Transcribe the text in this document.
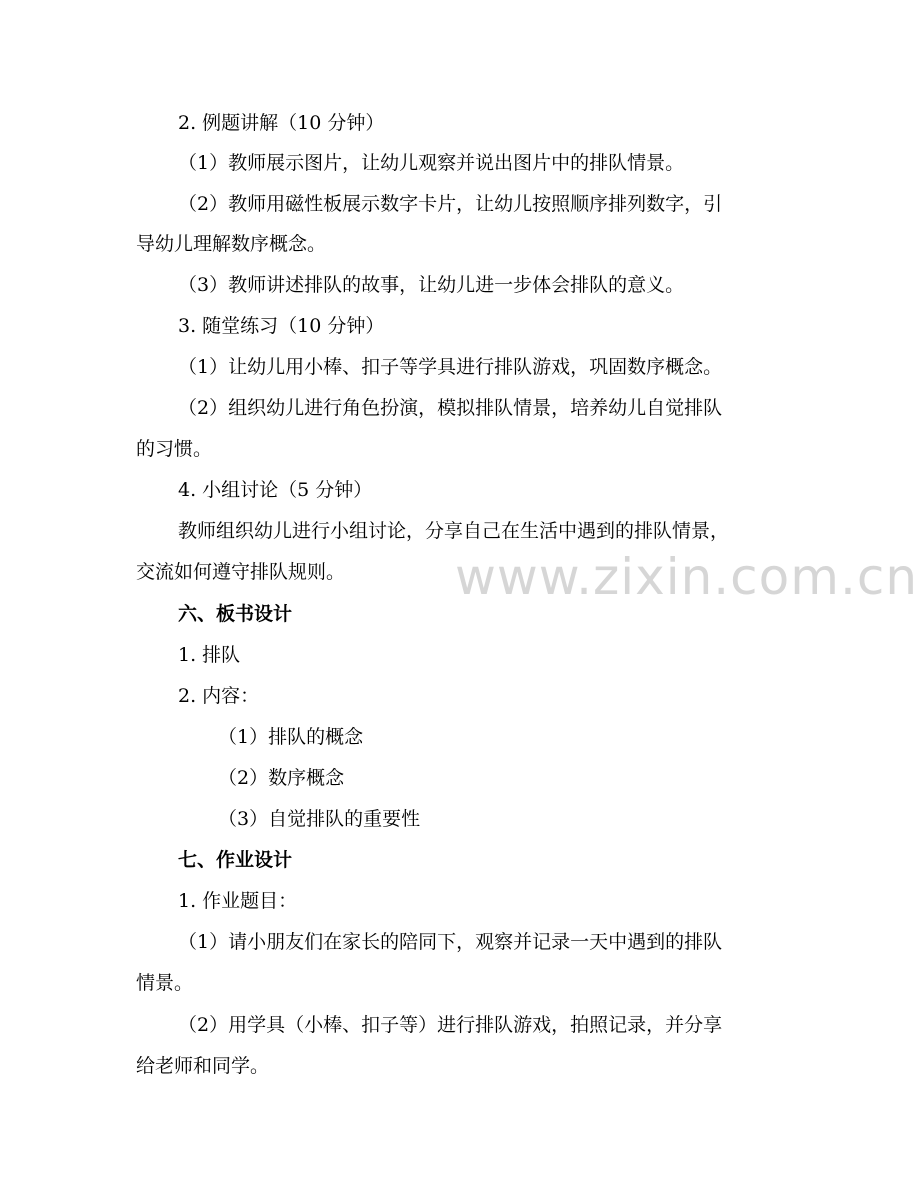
2. 例题讲解（10 分钟）
（1）教师展示图片，让幼儿观察并说出图片中的排队情景。
（2）教师用磁性板展示数字卡片，让幼儿按照顺序排列数字，引
导幼儿理解数序概念。
（3）教师讲述排队的故事，让幼儿进一步体会排队的意义。
3. 随堂练习（10 分钟）
（1）让幼儿用小棒、扣子等学具进行排队游戏，巩固数序概念。
（2）组织幼儿进行角色扮演，模拟排队情景，培养幼儿自觉排队
的习惯。
4. 小组讨论（5 分钟）
教师组织幼儿进行小组讨论，分享自己在生活中遇到的排队情景，
交流如何遵守排队规则。
六、板书设计
1. 排队
2. 内容：
（1）排队的概念
（2）数序概念
（3）自觉排队的重要性
七、作业设计
1. 作业题目：
（1）请小朋友们在家长的陪同下，观察并记录一天中遇到的排队
情景。
（2）用学具（小棒、扣子等）进行排队游戏，拍照记录，并分享
给老师和同学。
www.zixin.com.cn
